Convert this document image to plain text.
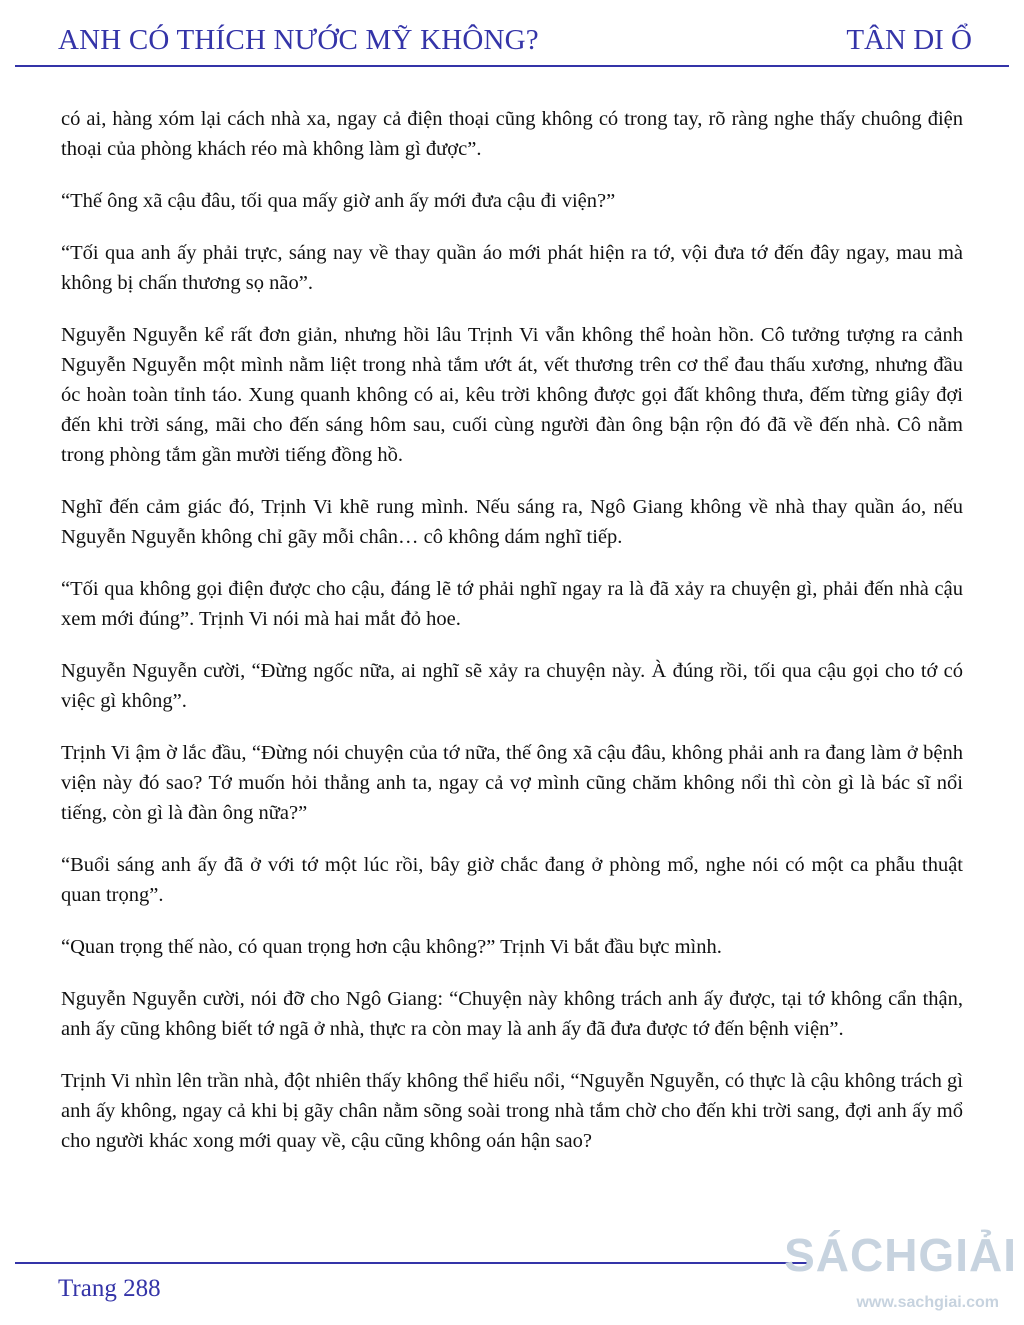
ANH CÓ THÍCH NƯỚC MỸ KHÔNG?	TÂN DI Ổ

có ai, hàng xóm lại cách nhà xa, ngay cả điện thoại cũng không có trong tay, rõ ràng nghe thấy chuông điện thoại của phòng khách réo mà không làm gì được”.

“Thế ông xã cậu đâu, tối qua mấy giờ anh ấy mới đưa cậu đi viện?”

“Tối qua anh ấy phải trực, sáng nay về thay quần áo mới phát hiện ra tớ, vội đưa tớ đến đây ngay, mau mà không bị chấn thương sọ não”.

Nguyễn Nguyễn kể rất đơn giản, nhưng hồi lâu Trịnh Vi vẫn không thể hoàn hồn. Cô tưởng tượng ra cảnh Nguyễn Nguyễn một mình nằm liệt trong nhà tắm ướt át, vết thương trên cơ thể đau thấu xương, nhưng đầu óc hoàn toàn tỉnh táo. Xung quanh không có ai, kêu trời không được gọi đất không thưa, đếm từng giây đợi đến khi trời sáng, mãi cho đến sáng hôm sau, cuối cùng người đàn ông bận rộn đó đã về đến nhà. Cô nằm trong phòng tắm gần mười tiếng đồng hồ.

Nghĩ đến cảm giác đó, Trịnh Vi khẽ rung mình. Nếu sáng ra, Ngô Giang không về nhà thay quần áo, nếu Nguyễn Nguyễn không chỉ gãy mỗi chân… cô không dám nghĩ tiếp.

“Tối qua không gọi điện được cho cậu, đáng lẽ tớ phải nghĩ ngay ra là đã xảy ra chuyện gì, phải đến nhà cậu xem mới đúng”. Trịnh Vi nói mà hai mắt đỏ hoe.

Nguyễn Nguyễn cười, “Đừng ngốc nữa, ai nghĩ sẽ xảy ra chuyện này. À đúng rồi, tối qua cậu gọi cho tớ có việc gì không”.

Trịnh Vi ậm ờ lắc đầu, “Đừng nói chuyện của tớ nữa, thế ông xã cậu đâu, không phải anh ra đang làm ở bệnh viện này đó sao? Tớ muốn hỏi thẳng anh ta, ngay cả vợ mình cũng chăm không nổi thì còn gì là bác sĩ nổi tiếng, còn gì là đàn ông nữa?”

“Buổi sáng anh ấy đã ở với tớ một lúc rồi, bây giờ chắc đang ở phòng mổ, nghe nói có một ca phẫu thuật quan trọng”.

“Quan trọng thế nào, có quan trọng hơn cậu không?” Trịnh Vi bắt đầu bực mình.

Nguyễn Nguyễn cười, nói đỡ cho Ngô Giang: “Chuyện này không trách anh ấy được, tại tớ không cẩn thận, anh ấy cũng không biết tớ ngã ở nhà, thực ra còn may là anh ấy đã đưa được tớ đến bệnh viện”.

Trịnh Vi nhìn lên trần nhà, đột nhiên thấy không thể hiểu nổi, “Nguyễn Nguyễn, có thực là cậu không trách gì anh ấy không, ngay cả khi bị gãy chân nằm sõng soài trong nhà tắm chờ cho đến khi trời sang, đợi anh ấy mổ cho người khác xong mới quay về, cậu cũng không oán hận sao?

Trang 288
SÁCHGIẢI
www.sachgiai.com
